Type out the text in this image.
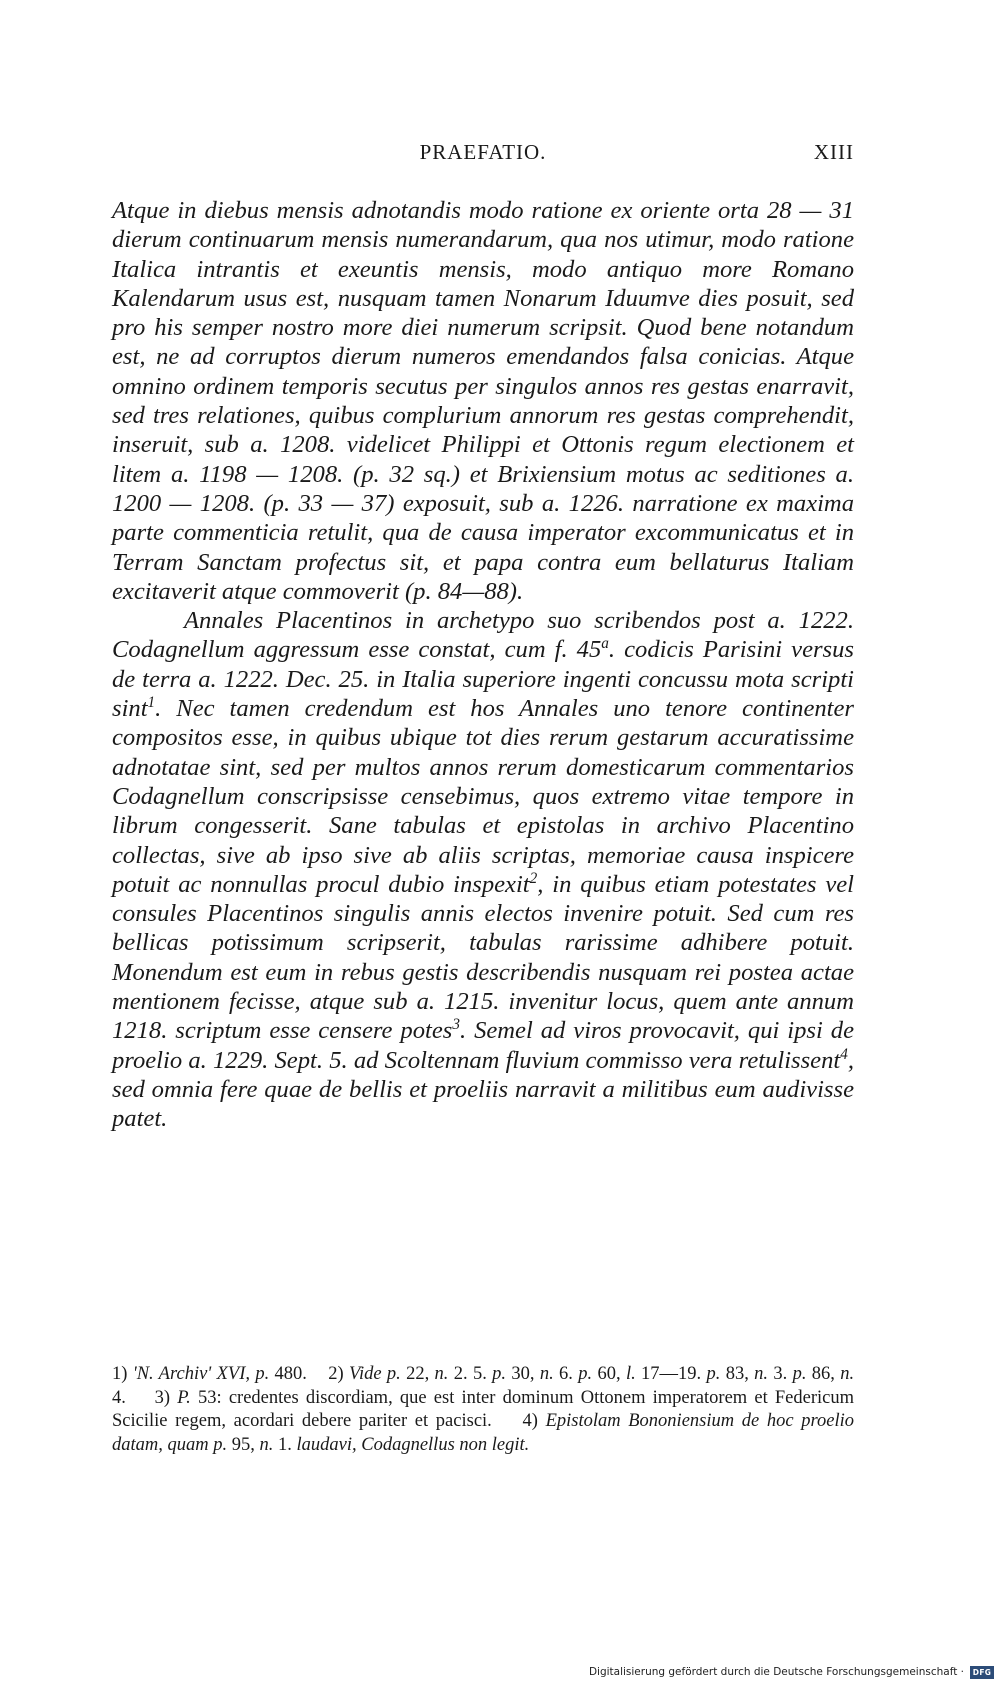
PRAEFATIO.	XIII

Atque in diebus mensis adnotandis modo ratione ex oriente orta 28 — 31 dierum continuarum mensis numerandarum, qua nos utimur, modo ratione Italica intrantis et exeuntis mensis, modo antiquo more Romano Kalendarum usus est, nusquam tamen Nonarum Iduumve dies posuit, sed pro his semper nostro more diei numerum scripsit. Quod bene notandum est, ne ad corruptos dierum numeros emendandos falsa conicias. Atque omnino ordinem temporis secutus per singulos annos res gestas enarravit, sed tres relationes, quibus complurium annorum res gestas comprehendit, inseruit, sub a. 1208. videlicet Philippi et Ottonis regum electionem et litem a. 1198 — 1208. (p. 32 sq.) et Brixiensium motus ac seditiones a. 1200 — 1208. (p. 33 — 37) exposuit, sub a. 1226. narratione ex maxima parte commenticia retulit, qua de causa imperator excommunicatus et in Terram Sanctam profectus sit, et papa contra eum bellaturus Italiam excitaverit atque commoverit (p. 84—88).

Annales Placentinos in archetypo suo scribendos post a. 1222. Codagnellum aggressum esse constat, cum f. 45$^a$. codicis Parisini versus de terra a. 1222. Dec. 25. in Italia superiore ingenti concussu mota scripti sint$^1$. Nec tamen credendum est hos Annales uno tenore continenter compositos esse, in quibus ubique tot dies rerum gestarum accuratissime adnotatae sint, sed per multos annos rerum domesticarum commentarios Codagnellum conscripsisse censebimus, quos extremo vitae tempore in librum congesserit. Sane tabulas et epistolas in archivo Placentino collectas, sive ab ipso sive ab aliis scriptas, memoriae causa inspicere potuit ac nonnullas procul dubio inspexit$^2$, in quibus etiam potestates vel consules Placentinos singulis annis electos invenire potuit. Sed cum res bellicas potissimum scripserit, tabulas rarissime adhibere potuit. Monendum est eum in rebus gestis describendis nusquam rei postea actae mentionem fecisse, atque sub a. 1215. invenitur locus, quem ante annum 1218. scriptum esse censere potes$^3$. Semel ad viros provocavit, qui ipsi de proelio a. 1229. Sept. 5. ad Scoltennam fluvium commisso vera retulissent$^4$, sed omnia fere quae de bellis et proeliis narravit a militibus eum audivisse patet.

1) 'N. Archiv' XVI, p. 480. 2) Vide p. 22, n. 2. 5. p. 30, n. 6. p. 60, l. 17—19. p. 83, n. 3. p. 86, n. 4. 3) P. 53: credentes discordiam, que est inter dominum Ottonem imperatorem et Federicum Scicilie regem, acordari debere pariter et pacisci. 4) Epistolam Bononiensium de hoc proelio datam, quam p. 95, n. 1. laudavi, Codagnellus non legit.

Digitalisierung gefördert durch die Deutsche Forschungsgemeinschaft ·	DFG
